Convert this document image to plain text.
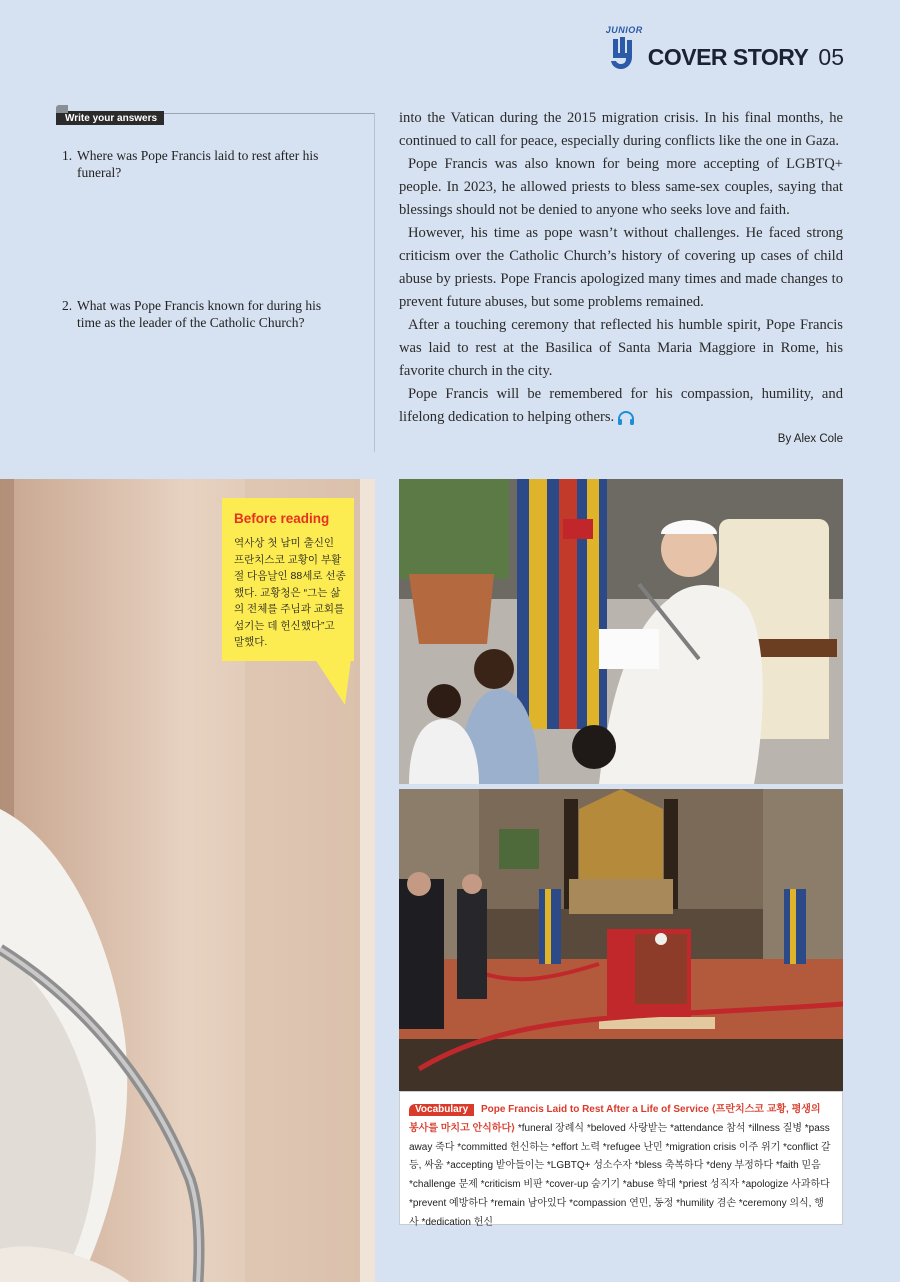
JUNIOR
COVER STORY 05
Write your answers
1. Where was Pope Francis laid to rest after his funeral?
2. What was Pope Francis known for during his time as the leader of the Catholic Church?

into the Vatican during the 2015 migration crisis. In his final months, he continued to call for peace, especially during conflicts like the one in Gaza.

Pope Francis was also known for being more accepting of LGBTQ+ people. In 2023, he allowed priests to bless same-sex couples, saying that blessings should not be denied to anyone who seeks love and faith.

However, his time as pope wasn’t without challenges. He faced strong criticism over the Catholic Church’s history of covering up cases of child abuse by priests. Pope Francis apologized many times and made changes to prevent future abuses, but some problems remained.

After a touching ceremony that reflected his humble spirit, Pope Francis was laid to rest at the Basilica of Santa Maria Maggiore in Rome, his favorite church in the city.

Pope Francis will be remembered for his compassion, humility, and lifelong dedication to helping others.

By Alex Cole
Before reading
역사상 첫 남미 출신인 프란치스코 교황이 부활절 다음날인 88세로 선종했다. 교황청은 “그는 삶의 전체를 주님과 교회를 섬기는 데 헌신했다”고 말했다.
Vocabulary Pope Francis Laid to Rest After a Life of Service ⟨프란치스코 교황, 평생의 봉사를 마치고 안식하다⟩ *funeral 장례식 *beloved 사랑받는 *attendance 참석 *illness 질병 *pass away 죽다 *committed 헌신하는 *effort 노력 *refugee 난민 *migration crisis 이주 위기 *conflict 갈등, 싸움 *accepting 받아들이는 *LGBTQ+ 성소수자 *bless 축복하다 *deny 부정하다 *faith 믿음 *challenge 문제 *criticism 비판 *cover-up 숨기기 *abuse 학대 *priest 성직자 *apologize 사과하다 *prevent 예방하다 *remain 남아있다 *compassion 연민, 동정 *humility 겸손 *ceremony 의식, 행사 *dedication 헌신
